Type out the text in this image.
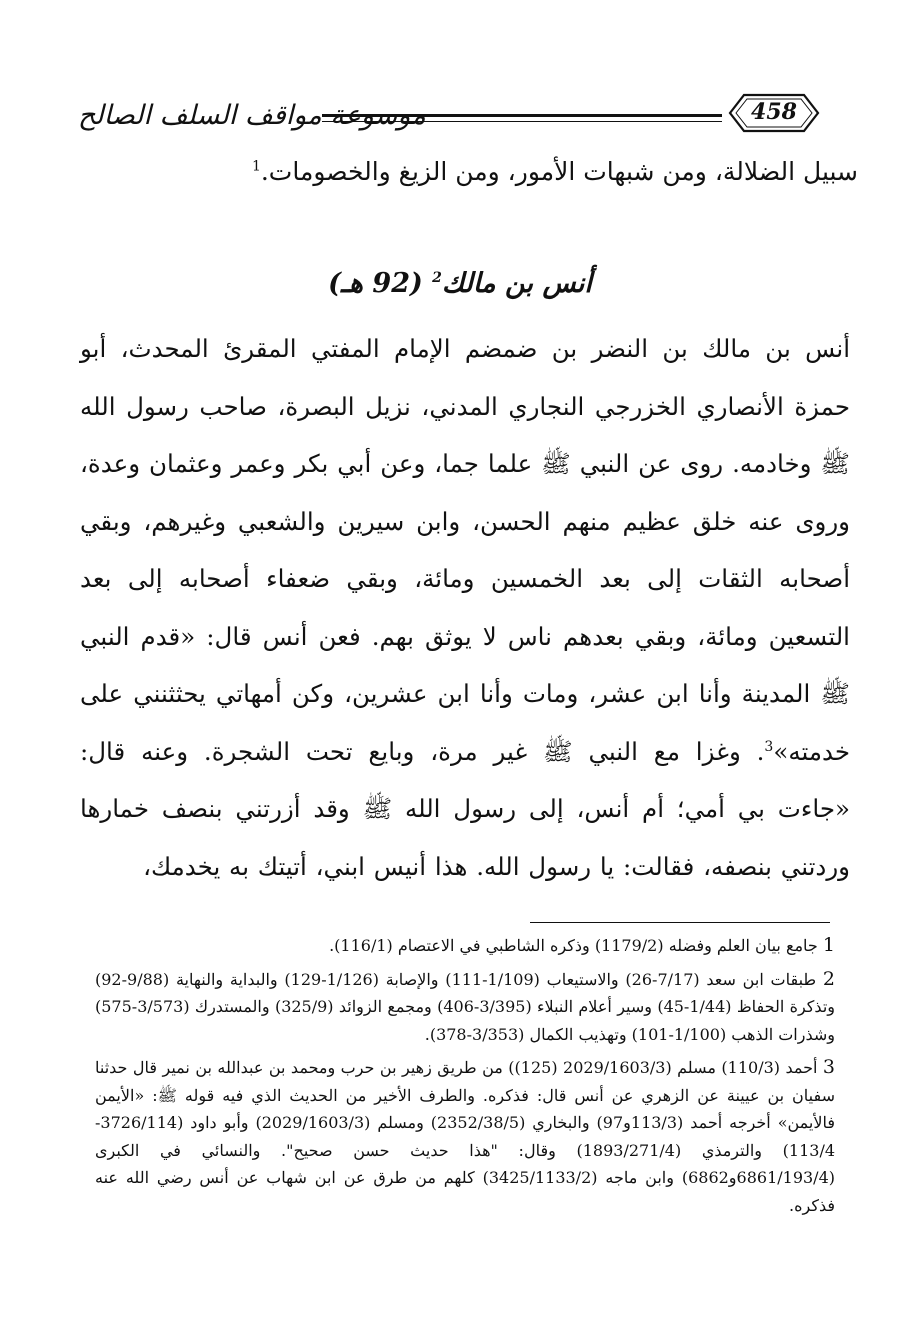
موسوعة مواقف السلف الصالح	458
سبيل الضلالة، ومن شبهات الأمور، ومن الزيغ والخصومات.$^1$
أنس بن مالك$^2$ (92 هـ)
أنس بن مالك بن النضر بن ضمضم الإمام المفتي المقرئ المحدث، أبو حمزة الأنصاري الخزرجي النجاري المدني، نزيل البصرة، صاحب رسول الله ﷺ وخادمه. روى عن النبي ﷺ علما جما، وعن أبي بكر وعمر وعثمان وعدة، وروى عنه خلق عظيم منهم الحسن، وابن سيرين والشعبي وغيرهم، وبقي أصحابه الثقات إلى بعد الخمسين ومائة، وبقي ضعفاء أصحابه إلى بعد التسعين ومائة، وبقي بعدهم ناس لا يوثق بهم. فعن أنس قال: «قدم النبي ﷺ المدينة وأنا ابن عشر، ومات وأنا ابن عشرين، وكن أمهاتي يحثثنني على خدمته»$^3$. وغزا مع النبي ﷺ غير مرة، وبايع تحت الشجرة. وعنه قال: «جاءت بي أمي؛ أم أنس، إلى رسول الله ﷺ وقد أزرتني بنصف خمارها وردتني بنصفه، فقالت: يا رسول الله. هذا أنيس ابني، أتيتك به يخدمك،
1 جامع بيان العلم وفضله (1179/2) وذكره الشاطبي في الاعتصام (116/1).
2 طبقات ابن سعد (7/17-26) والاستيعاب (1/109-111) والإصابة (1/126-129) والبداية والنهاية (9/88-92) وتذكرة الحفاظ (1/44-45) وسير أعلام النبلاء (3/395-406) ومجمع الزوائد (325/9) والمستدرك (3/573-575) وشذرات الذهب (1/100-101) وتهذيب الكمال (3/353-378).
3 أحمد (110/3) مسلم (2029/1603/3 (125)) من طريق زهير بن حرب ومحمد بن عبدالله بن نمير قال حدثنا سفيان بن عيينة عن الزهري عن أنس قال: فذكره. والطرف الأخير من الحديث الذي فيه قوله ﷺ: «الأيمن فالأيمن» أخرجه أحمد (113/3و97) والبخاري (2352/38/5) ومسلم (2029/1603/3) وأبو داود (3726/114-113/4) والترمذي (1893/271/4) وقال: "هذا حديث حسن صحيح". والنسائي في الكبرى (6861/193/4و6862) وابن ماجه (3425/1133/2) كلهم من طرق عن ابن شهاب عن أنس رضي الله عنه فذكره.
